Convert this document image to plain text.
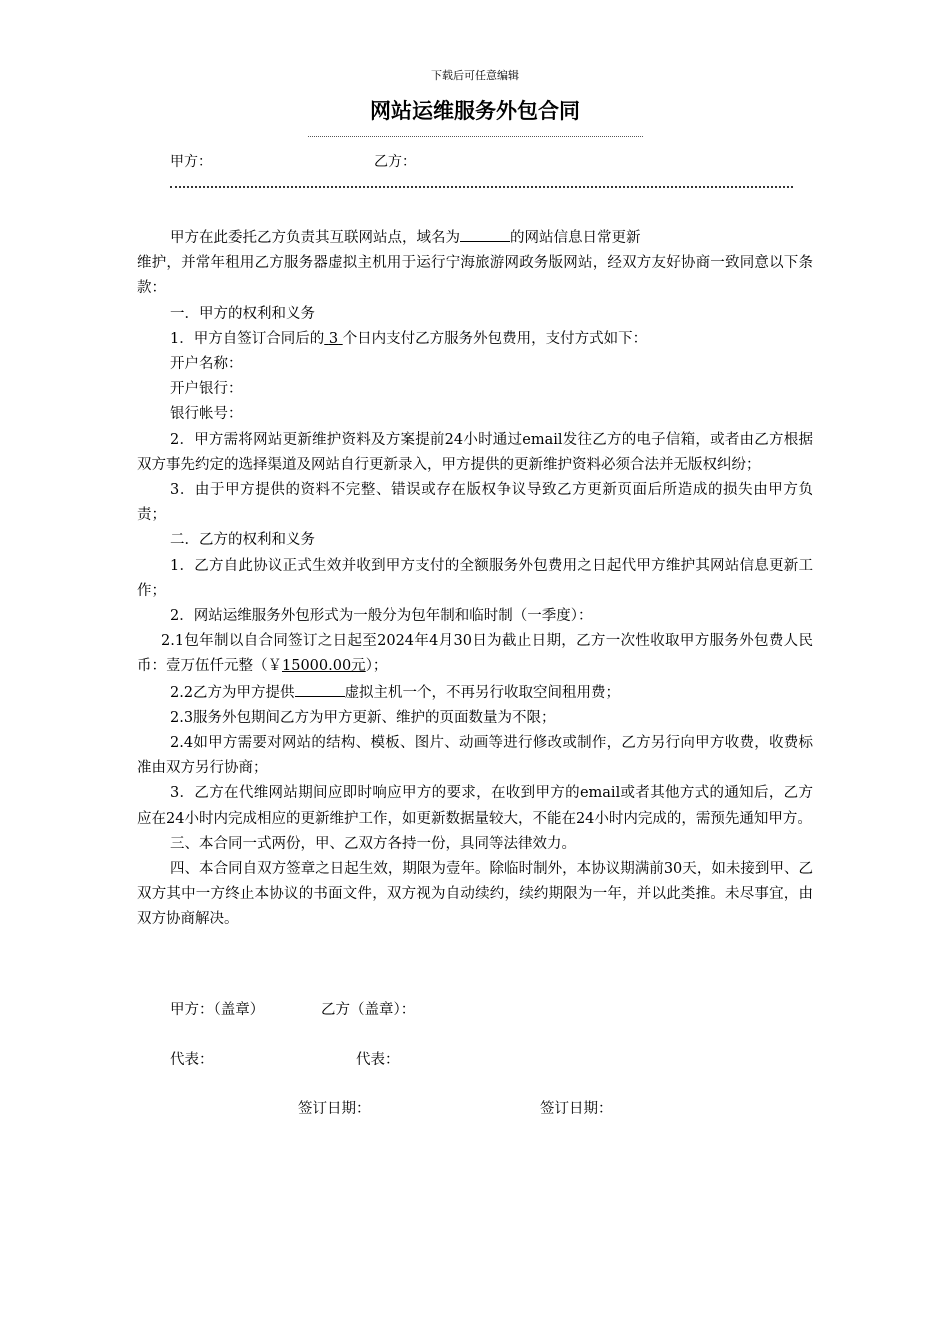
下载后可任意编辑
网站运维服务外包合同
甲方：	乙方：

甲方在此委托乙方负责其互联网站点，域名为	的网站信息日常更新

维护，并常年租用乙方服务器虚拟主机用于运行宁海旅游网政务版网站，经双方友好协商一致同意以下条款：

一．甲方的权利和义务

1．甲方自签订合同后的 3 个日内支付乙方服务外包费用，支付方式如下：

开户名称：

开户银行：

银行帐号：

2．甲方需将网站更新维护资料及方案提前24小时通过email发往乙方的电子信箱，或者由乙方根据双方事先约定的选择渠道及网站自行更新录入，甲方提供的更新维护资料必须合法并无版权纠纷；

3．由于甲方提供的资料不完整、错误或存在版权争议导致乙方更新页面后所造成的损失由甲方负责；

二．乙方的权利和义务

1．乙方自此协议正式生效并收到甲方支付的全额服务外包费用之日起代甲方维护其网站信息更新工作；

2．网站运维服务外包形式为一般分为包年制和临时制（一季度）：

2.1包年制以自合同签订之日起至2024年4月30日为截止日期，乙方一次性收取甲方服务外包费人民币：壹万伍仟元整（￥15000.00元）；

2.2乙方为甲方提供	虚拟主机一个，不再另行收取空间租用费；

2.3服务外包期间乙方为甲方更新、维护的页面数量为不限；

2.4如甲方需要对网站的结构、模板、图片、动画等进行修改或制作，乙方另行向甲方收费，收费标准由双方另行协商；

3．乙方在代维网站期间应即时响应甲方的要求，在收到甲方的email或者其他方式的通知后，乙方应在24小时内完成相应的更新维护工作，如更新数据量较大，不能在24小时内完成的，需预先通知甲方。

三、本合同一式两份，甲、乙双方各持一份，具同等法律效力。

四、本合同自双方签章之日起生效，期限为壹年。除临时制外，本协议期满前30天，如未接到甲、乙双方其中一方终止本协议的书面文件，双方视为自动续约，续约期限为一年，并以此类推。未尽事宜，由双方协商解决。

甲方：（盖章）	乙方（盖章）：
代表：	代表：
签订日期：	签订日期：
